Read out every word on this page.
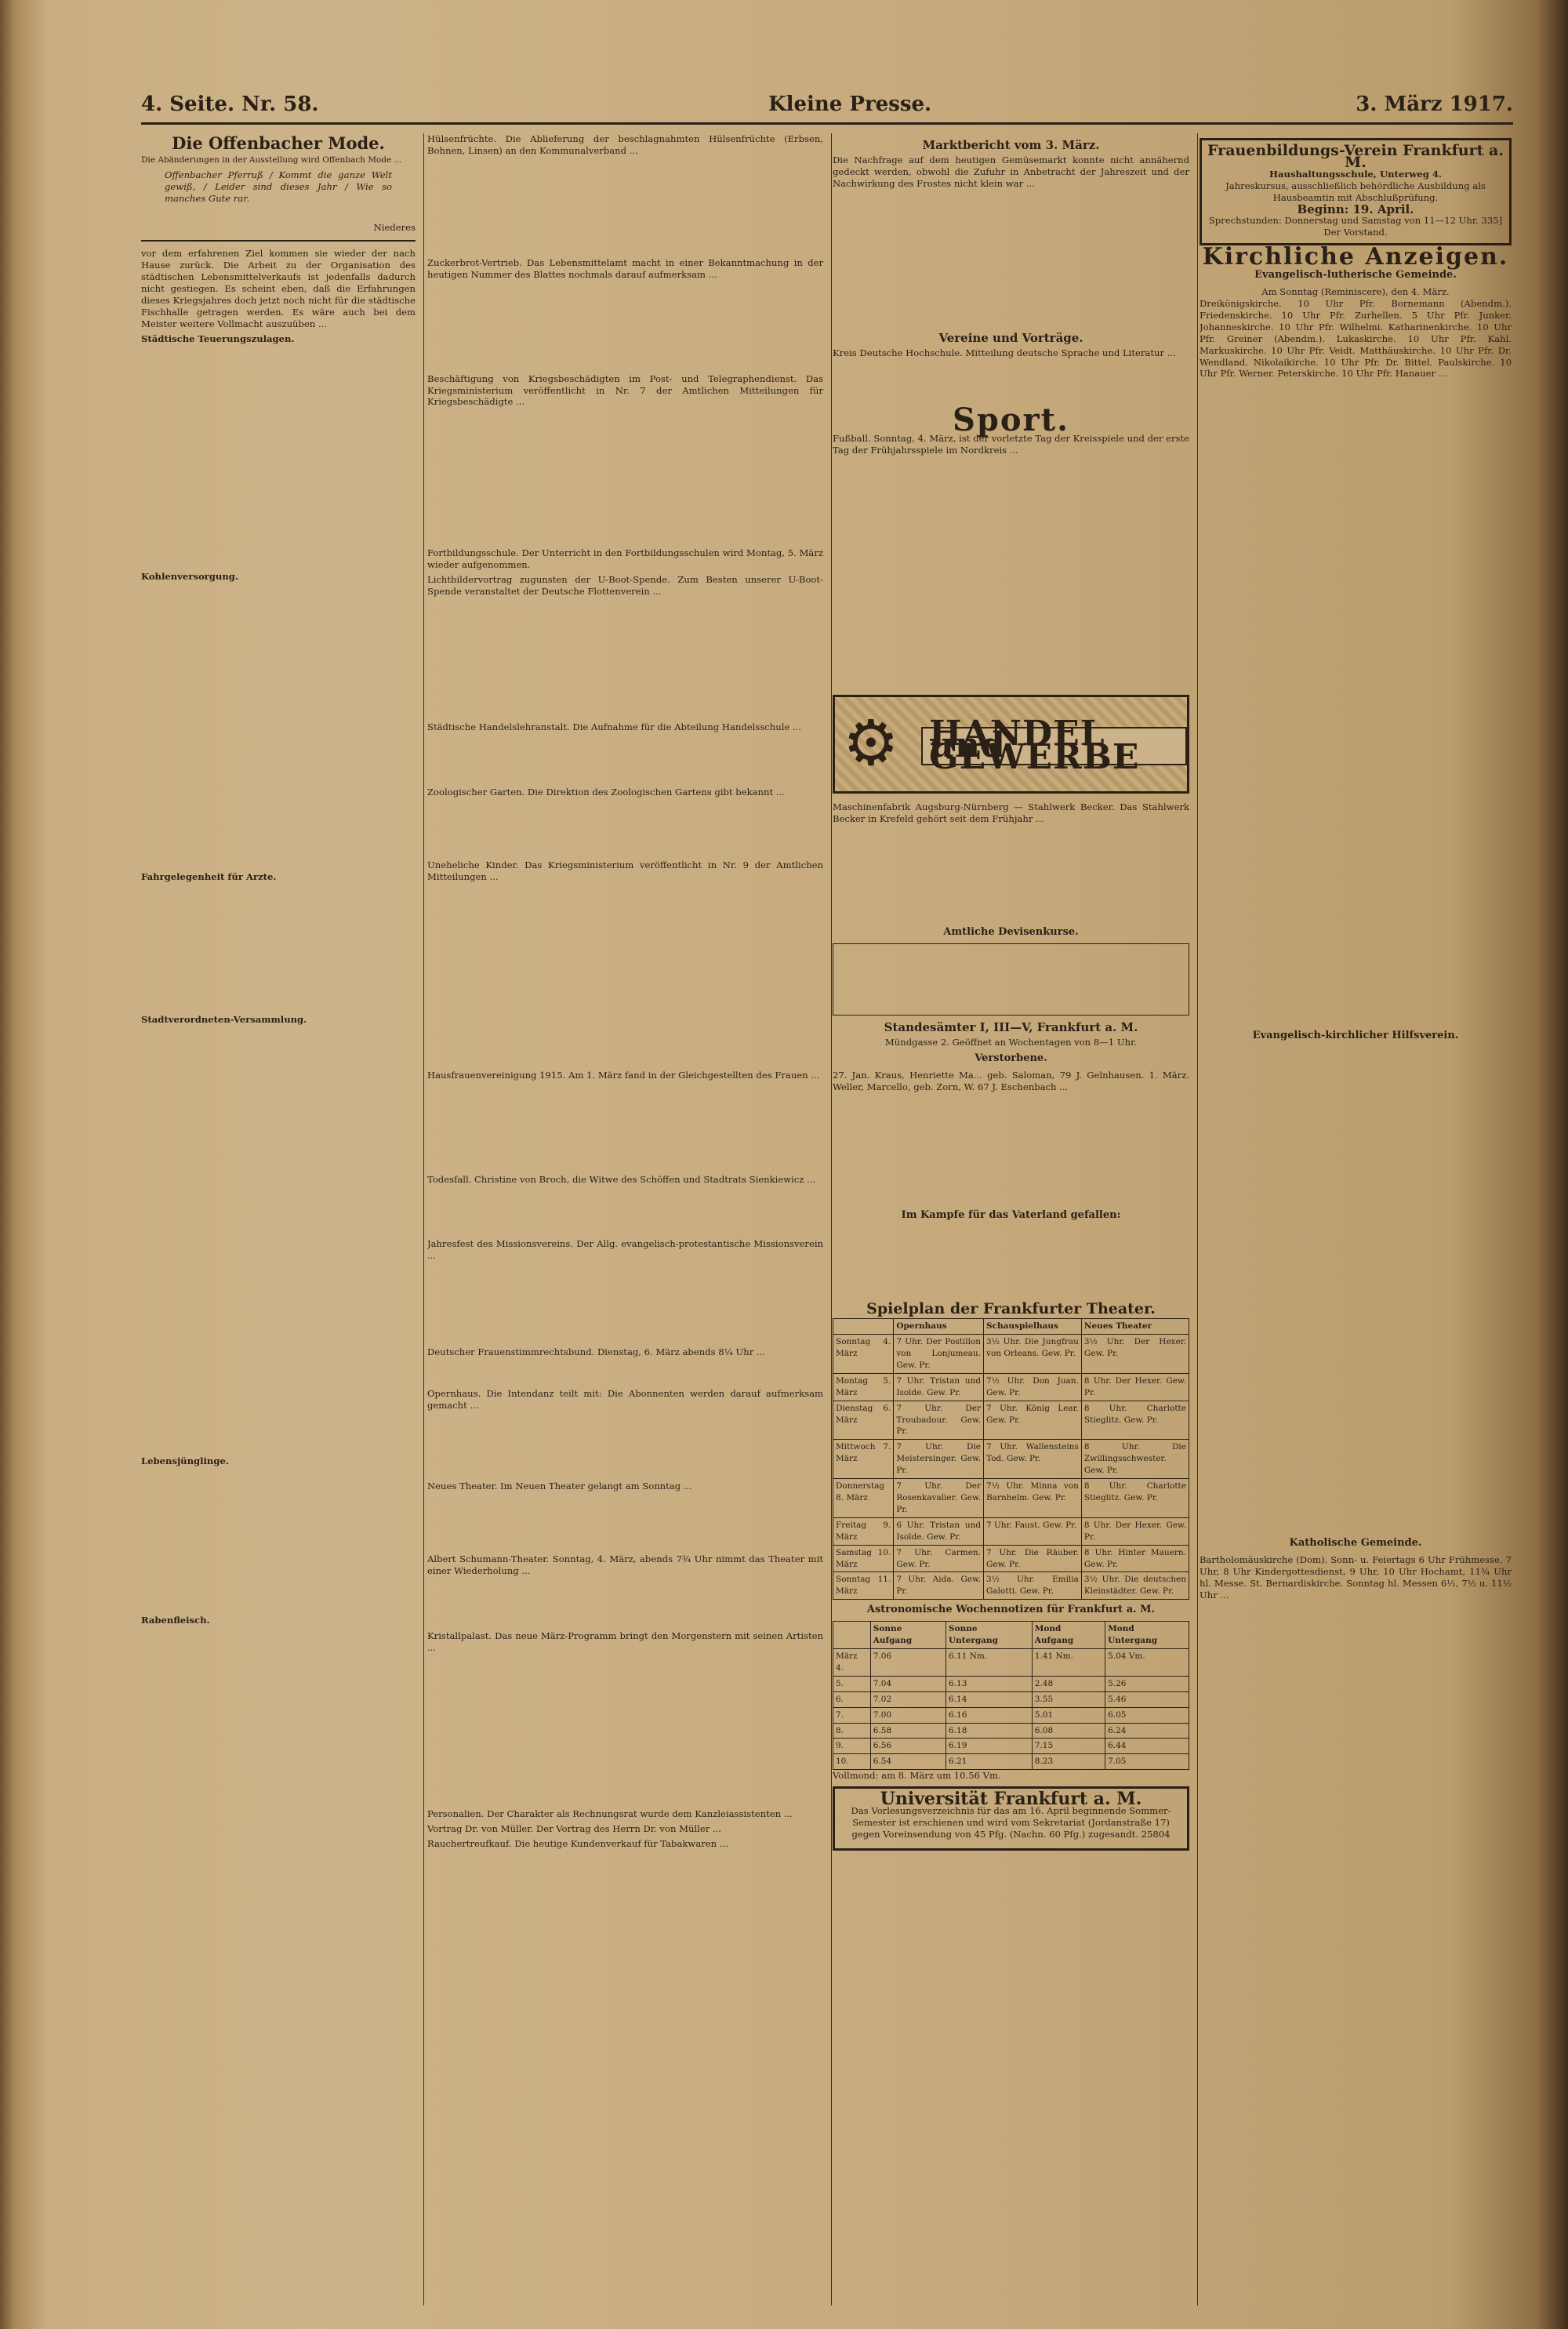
4. Seite. Nr. 58.	Kleine Presse.	3. März 1917.
Die Offenbacher Mode.

Die Abänderungen in der Ausstellung wird Offenbach Mode ...

Offenbacher Pferruß / Kommt die ganze Welt gewiß, / Leider sind dieses Jahr / Wie so manches Gute rar.

Niederes

vor dem erfahrenen Ziel kommen sie wieder der nach Hause zurück. Die Arbeit zu der Organisation des städtischen Lebensmittelverkaufs ist jedenfalls dadurch nicht gestiegen. Es scheint eben, daß die Erfahrungen dieses Kriegsjahres doch jetzt noch nicht für die städtische Fischhalle getragen werden. Es wäre auch bei dem Meister weitere Vollmacht auszuüben ...

Städtische Teuerungszulagen.

Kohlenversorgung.

Fahrgelegenheit für Arzte.

Stadtverordneten-Versammlung.

Lebensjünglinge.

Rabenfleisch.

Hülsenfrüchte. Die Ablieferung der beschlagnahmten Hülsenfrüchte (Erbsen, Bohnen, Linsen) an den Kommunalverband ...

Zuckerbrot-Vertrieb. Das Lebensmittelamt macht in einer Bekanntmachung in der heutigen Nummer des Blattes nochmals darauf aufmerksam ...

Beschäftigung von Kriegsbeschädigten im Post- und Telegraphendienst. Das Kriegsministerium veröffentlicht in Nr. 7 der Amtlichen Mitteilungen für Kriegsbeschädigte ...

Fortbildungsschule. Der Unterricht in den Fortbildungsschulen wird Montag, 5. März wieder aufgenommen.

Lichtbildervortrag zugunsten der U-Boot-Spende. Zum Besten unserer U-Boot-Spende veranstaltet der Deutsche Flottenverein ...

Städtische Handelslehranstalt. Die Aufnahme für die Abteilung Handelsschule ...

Zoologischer Garten. Die Direktion des Zoologischen Gartens gibt bekannt ...

Uneheliche Kinder. Das Kriegsministerium veröffentlicht in Nr. 9 der Amtlichen Mitteilungen ...

Hausfrauenvereinigung 1915. Am 1. März fand in der Gleichgestellten des Frauen ...

Todesfall. Christine von Broch, die Witwe des Schöffen und Stadtrats Sienkiewicz ...

Jahresfest des Missionsvereins. Der Allg. evangelisch-protestantische Missionsverein ...

Deutscher Frauenstimmrechtsbund. Dienstag, 6. März abends 8¼ Uhr ...

Opernhaus. Die Intendanz teilt mit: Die Abonnenten werden darauf aufmerksam gemacht ...

Neues Theater. Im Neuen Theater gelangt am Sonntag ...

Albert Schumann-Theater. Sonntag, 4. März, abends 7¾ Uhr nimmt das Theater mit einer Wiederholung ...

Kristallpalast. Das neue März-Programm bringt den Morgenstern mit seinen Artisten ...

Personalien. Der Charakter als Rechnungsrat wurde dem Kanzleiassistenten ...

Vortrag Dr. von Müller. Der Vortrag des Herrn Dr. von Müller ...

Rauchertreufkauf. Die heutige Kundenverkauf für Tabakwaren ...

Marktbericht vom 3. März.

Die Nachfrage auf dem heutigen Gemüsemarkt konnte nicht annähernd gedeckt werden, obwohl die Zufuhr in Anbetracht der Jahreszeit und der Nachwirkung des Frostes nicht klein war ...

Vereine und Vorträge.

Kreis Deutsche Hochschule. Mitteilung deutsche Sprache und Literatur ...

Sport.

Fußball. Sonntag, 4. März, ist der vorletzte Tag der Kreisspiele und der erste Tag der Frühjahrsspiele im Nordkreis ...

⚙ HANDEL und GEWERBE

Maschinenfabrik Augsburg-Nürnberg — Stahlwerk Becker. Das Stahlwerk Becker in Krefeld gehört seit dem Frühjahr ...

Amtliche Devisenkurse.

Standesämter I, III—V, Frankfurt a. M.

Mündgasse 2. Geöffnet an Wochentagen von 8—1 Uhr.

Verstorbene.

27. Jan. Kraus, Henriette Ma... geb. Saloman, 79 J. Gelnhausen. 1. März. Weller, Marcello, geb. Zorn, W. 67 J. Eschenbach ...

Im Kampfe für das Vaterland gefallen:

Spielplan der Frankfurter Theater.
	Opernhaus	Schauspielhaus	Neues Theater
Sonntag 4. März	7 Uhr. Der Postillon von Lonjumeau. Gew. Pr.	3½ Uhr. Die Jungfrau von Orleans. Gew. Pr.	3½ Uhr. Der Hexer. Gew. Pr.
Montag 5. März	7 Uhr. Tristan und Isolde. Gew. Pr.	7½ Uhr. Don Juan. Gew. Pr.	8 Uhr. Der Hexer. Gew. Pr.
Dienstag 6. März	7 Uhr. Der Troubadour. Gew. Pr.	7 Uhr. König Lear. Gew. Pr.	8 Uhr. Charlotte Stieglitz. Gew. Pr.
Mittwoch 7. März	7 Uhr. Die Meistersinger. Gew. Pr.	7 Uhr. Wallensteins Tod. Gew. Pr.	8 Uhr. Die Zwillingsschwester. Gew. Pr.
Donnerstag 8. März	7 Uhr. Der Rosenkavalier. Gew. Pr.	7½ Uhr. Minna von Barnhelm. Gew. Pr.	8 Uhr. Charlotte Stieglitz. Gew. Pr.
Freitag 9. März	6 Uhr. Tristan und Isolde. Gew. Pr.	7 Uhr. Faust. Gew. Pr.	8 Uhr. Der Hexer. Gew. Pr.
Samstag 10. März	7 Uhr. Carmen. Gew. Pr.	7 Uhr. Die Räuber. Gew. Pr.	8 Uhr. Hinter Mauern. Gew. Pr.
Sonntag 11. März	7 Uhr. Aida. Gew. Pr.	3½ Uhr. Emilia Galotti. Gew. Pr.	3½ Uhr. Die deutschen Kleinstädter. Gew. Pr.
Astronomische Wochennotizen für Frankfurt a. M.
	Sonne Aufgang	Sonne Untergang	Mond Aufgang	Mond Untergang
März 4.	7.06	6.11 Nm.	1.41 Nm.	5.04 Vm.
5.	7.04	6.13	2.48	5.26
6.	7.02	6.14	3.55	5.46
7.	7.00	6.16	5.01	6.05
8.	6.58	6.18	6.08	6.24
9.	6.56	6.19	7.15	6.44
10.	6.54	6.21	8.23	7.05

Vollmond: am 8. März um 10.56 Vm.

Universität Frankfurt a. M.

Das Vorlesungsverzeichnis für das am 16. April beginnende Sommer-Semester ist erschienen und wird vom Sekretariat (Jordanstraße 17) gegen Voreinsendung von 45 Pfg. (Nachn. 60 Pfg.) zugesandt. 25804

Frauenbildungs-Verein Frankfurt a. M.
Haushaltungsschule, Unterweg 4.
Jahreskursus, ausschließlich behördliche Ausbildung als Hausbeamtin mit Abschlußprüfung.
Beginn: 19. April.
Sprechstunden: Donnerstag und Samstag von 11—12 Uhr. 335] Der Vorstand.
Kirchliche Anzeigen.
Evangelisch-lutherische Gemeinde.
Am Sonntag (Reminiscere), den 4. März.

Dreikönigskirche. 10 Uhr Pfr. Bornemann (Abendm.). Friedenskirche. 10 Uhr Pfr. Zurhellen. 5 Uhr Pfr. Junker. Johanneskirche. 10 Uhr Pfr. Wilhelmi. Katharinenkirche. 10 Uhr Pfr. Greiner (Abendm.). Lukaskirche. 10 Uhr Pfr. Kahl. Markuskirche. 10 Uhr Pfr. Veidt. Matthäuskirche. 10 Uhr Pfr. Dr. Wendland. Nikolaikirche. 10 Uhr Pfr. Dr. Bittel. Paulskirche. 10 Uhr Pfr. Werner. Peterskirche. 10 Uhr Pfr. Hanauer ...

Evangelisch-kirchlicher Hilfsverein.

Katholische Gemeinde.

Bartholomäuskirche (Dom). Sonn- u. Feiertags 6 Uhr Frühmesse, 7 Uhr, 8 Uhr Kindergottesdienst, 9 Uhr, 10 Uhr Hochamt, 11¾ Uhr hl. Messe. St. Bernardiskirche. Sonntag hl. Messen 6½, 7½ u. 11½ Uhr ...
